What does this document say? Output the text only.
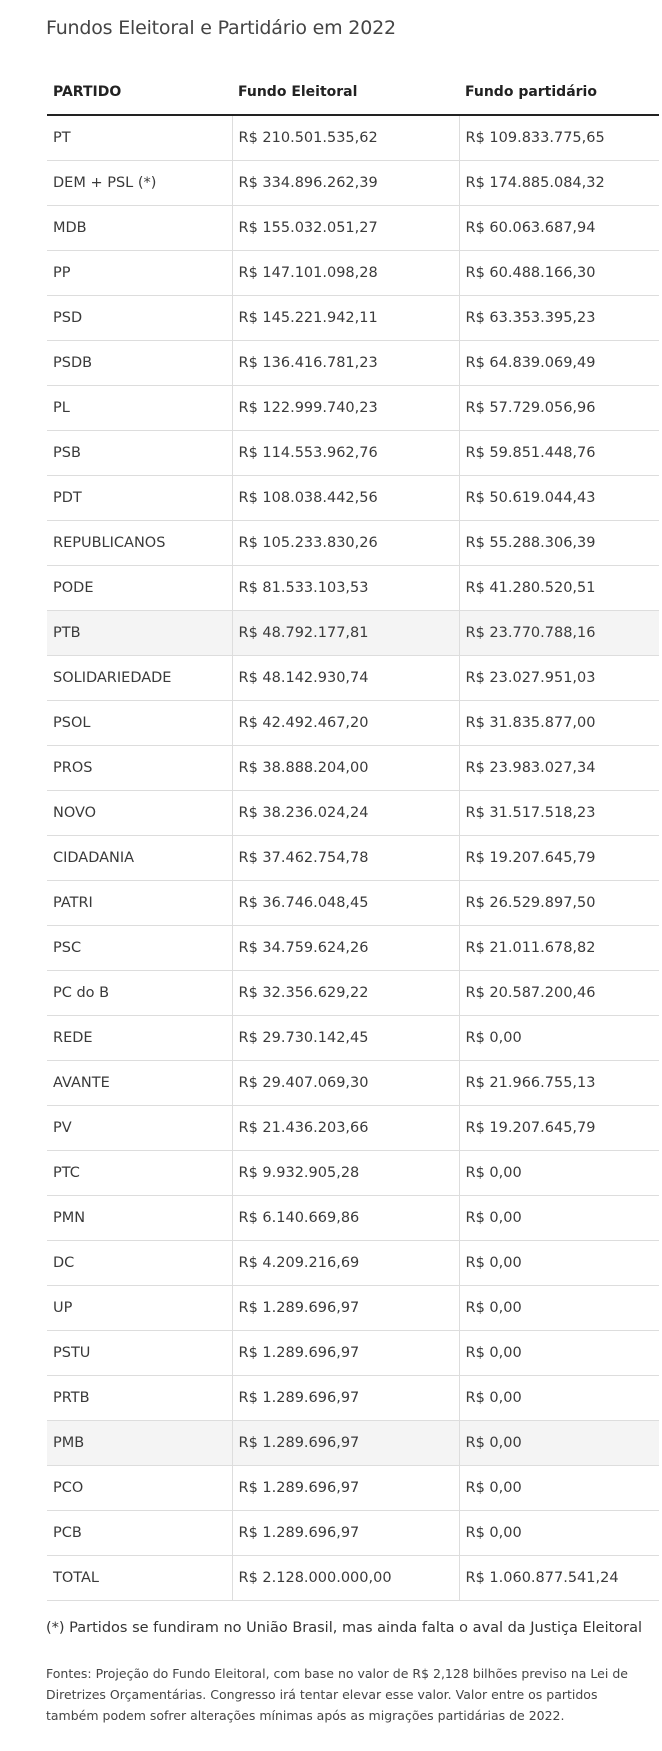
Fundos Eleitoral e Partidário em 2022
PARTIDO	Fundo Eleitoral	Fundo partidário
PT	R$ 210.501.535,62	R$ 109.833.775,65
DEM + PSL (*)	R$ 334.896.262,39	R$ 174.885.084,32
MDB	R$ 155.032.051,27	R$ 60.063.687,94
PP	R$ 147.101.098,28	R$ 60.488.166,30
PSD	R$ 145.221.942,11	R$ 63.353.395,23
PSDB	R$ 136.416.781,23	R$ 64.839.069,49
PL	R$ 122.999.740,23	R$ 57.729.056,96
PSB	R$ 114.553.962,76	R$ 59.851.448,76
PDT	R$ 108.038.442,56	R$ 50.619.044,43
REPUBLICANOS	R$ 105.233.830,26	R$ 55.288.306,39
PODE	R$ 81.533.103,53	R$ 41.280.520,51
PTB	R$ 48.792.177,81	R$ 23.770.788,16
SOLIDARIEDADE	R$ 48.142.930,74	R$ 23.027.951,03
PSOL	R$ 42.492.467,20	R$ 31.835.877,00
PROS	R$ 38.888.204,00	R$ 23.983.027,34
NOVO	R$ 38.236.024,24	R$ 31.517.518,23
CIDADANIA	R$ 37.462.754,78	R$ 19.207.645,79
PATRI	R$ 36.746.048,45	R$ 26.529.897,50
PSC	R$ 34.759.624,26	R$ 21.011.678,82
PC do B	R$ 32.356.629,22	R$ 20.587.200,46
REDE	R$ 29.730.142,45	R$ 0,00
AVANTE	R$ 29.407.069,30	R$ 21.966.755,13
PV	R$ 21.436.203,66	R$ 19.207.645,79
PTC	R$ 9.932.905,28	R$ 0,00
PMN	R$ 6.140.669,86	R$ 0,00
DC	R$ 4.209.216,69	R$ 0,00
UP	R$ 1.289.696,97	R$ 0,00
PSTU	R$ 1.289.696,97	R$ 0,00
PRTB	R$ 1.289.696,97	R$ 0,00
PMB	R$ 1.289.696,97	R$ 0,00
PCO	R$ 1.289.696,97	R$ 0,00
PCB	R$ 1.289.696,97	R$ 0,00
TOTAL	R$ 2.128.000.000,00	R$ 1.060.877.541,24
(*) Partidos se fundiram no União Brasil, mas ainda falta o aval da Justiça Eleitoral
Fontes: Projeção do Fundo Eleitoral, com base no valor de R$ 2,128 bilhões previso na Lei de Diretrizes Orçamentárias. Congresso irá tentar elevar esse valor. Valor entre os partidos também podem sofrer alterações mínimas após as migrações partidárias de 2022.
